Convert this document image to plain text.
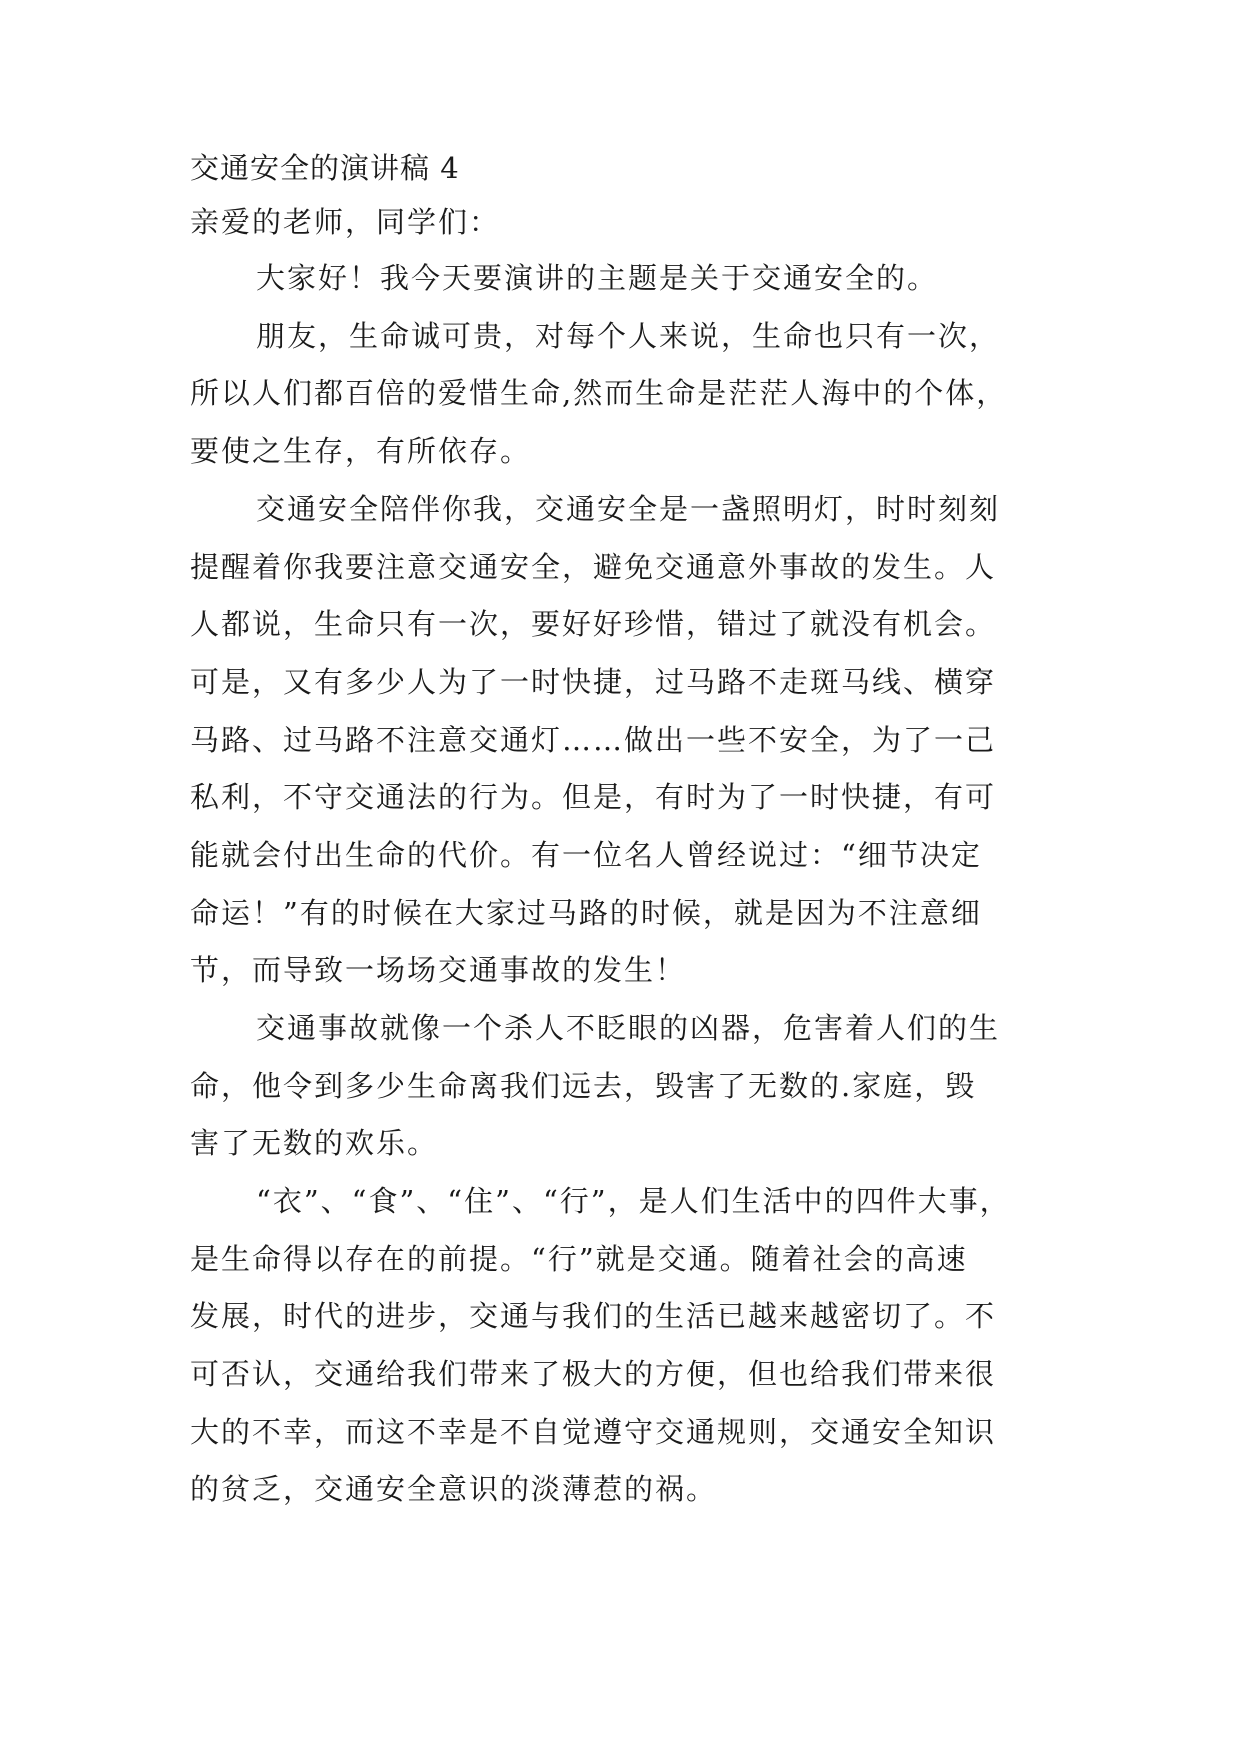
交通安全的演讲稿 4

亲爱的老师，同学们：

大家好！我今天要演讲的主题是关于交通安全的。

朋友，生命诚可贵，对每个人来说，生命也只有一次，

所以人们都百倍的爱惜生命,然而生命是茫茫人海中的个体，

要使之生存，有所依存。

交通安全陪伴你我，交通安全是一盏照明灯，时时刻刻

提醒着你我要注意交通安全，避免交通意外事故的发生。人

人都说，生命只有一次，要好好珍惜，错过了就没有机会。

可是，又有多少人为了一时快捷，过马路不走斑马线、横穿

马路、过马路不注意交通灯……做出一些不安全，为了一己

私利，不守交通法的行为。但是，有时为了一时快捷，有可

能就会付出生命的代价。有一位名人曾经说过：“细节决定

命运！”有的时候在大家过马路的时候，就是因为不注意细

节，而导致一场场交通事故的发生！

交通事故就像一个杀人不眨眼的凶器，危害着人们的生

命，他令到多少生命离我们远去，毁害了无数的.家庭，毁

害了无数的欢乐。

“衣”、“食”、“住”、“行”，是人们生活中的四件大事，

是生命得以存在的前提。“行”就是交通。随着社会的高速

发展，时代的进步，交通与我们的生活已越来越密切了。不

可否认，交通给我们带来了极大的方便，但也给我们带来很

大的不幸，而这不幸是不自觉遵守交通规则，交通安全知识

的贫乏，交通安全意识的淡薄惹的祸。
